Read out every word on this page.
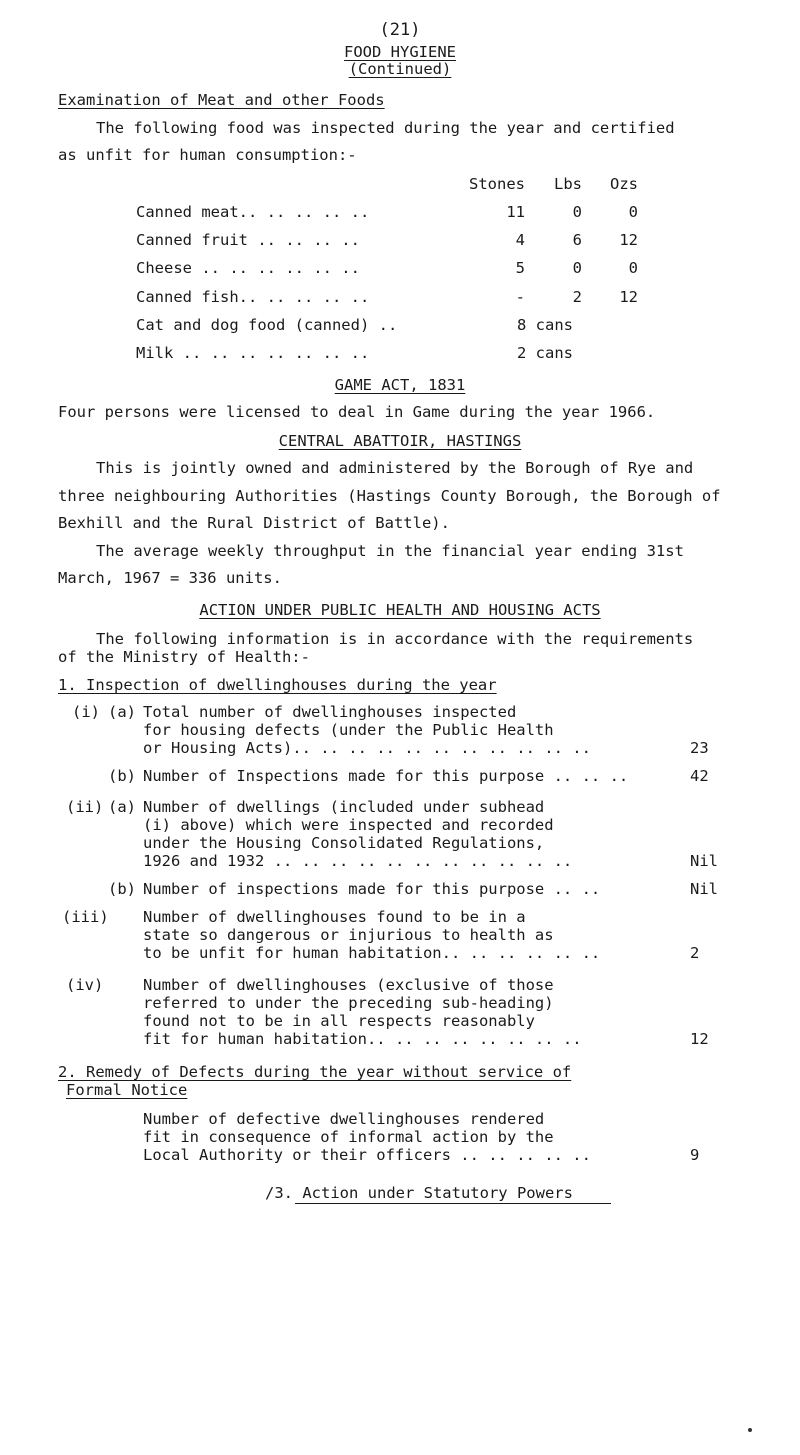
(21)
FOOD HYGIENE
(Continued)
Examination of Meat and other Foods
The following food was inspected during the year and certified
as unfit for human consumption:-
Stones	Lbs	Ozs
Canned meat.. .. .. .. ..	11	0	0
Canned fruit .. .. .. ..	4	6	12
Cheese .. .. .. .. .. ..	5	0	0
Canned fish.. .. .. .. ..	-	2	12
Cat and dog food (canned) ..	8 cans
Milk .. .. .. .. .. .. ..	2 cans
GAME ACT, 1831
Four persons were licensed to deal in Game during the year 1966.
CENTRAL ABATTOIR, HASTINGS
This is jointly owned and administered by the Borough of Rye and
three neighbouring Authorities (Hastings County Borough, the Borough of
Bexhill and the Rural District of Battle).
The average weekly throughput in the financial year ending 31st
March, 1967 = 336 units.
ACTION UNDER PUBLIC HEALTH AND HOUSING ACTS
The following information is in accordance with the requirements
of the Ministry of Health:-
1. Inspection of dwellinghouses during the year
(i) (a) Total number of dwellinghouses inspected
for housing defects (under the Public Health
or Housing Acts).. .. .. .. .. .. .. .. .. .. ..	23
(b) Number of Inspections made for this purpose .. .. ..	42
(ii) (a) Number of dwellings (included under subhead
(i) above) which were inspected and recorded
under the Housing Consolidated Regulations,
1926 and 1932 .. .. .. .. .. .. .. .. .. .. ..	Nil
(b) Number of inspections made for this purpose .. ..	Nil
(iii) Number of dwellinghouses found to be in a
state so dangerous or injurious to health as
to be unfit for human habitation.. .. .. .. .. ..	2
(iv)	Number of dwellinghouses (exclusive of those
referred to under the preceding sub-heading)
found not to be in all respects reasonably
fit for human habitation.. .. .. .. .. .. .. ..	12
2. Remedy of Defects during the year without service of
Formal Notice
Number of defective dwellinghouses rendered
fit in consequence of informal action by the
Local Authority or their officers .. .. .. .. ..	9
/3. Action under Statutory Powers
